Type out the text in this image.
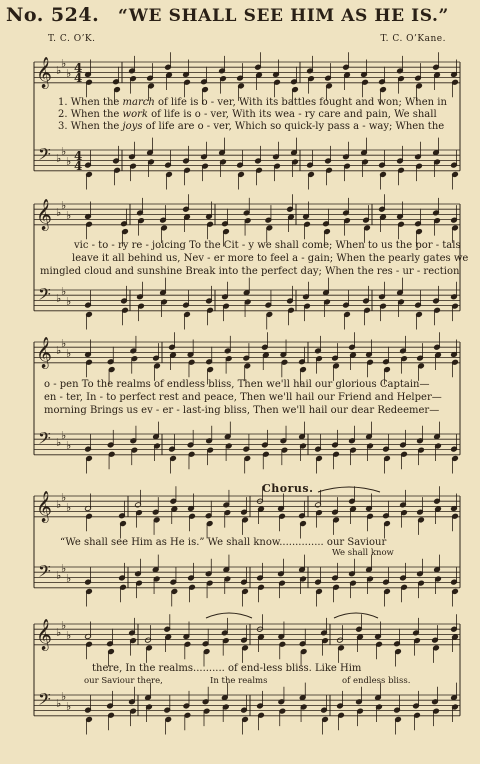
No. 524. “WE SHALL SEE HIM AS HE IS.”
T. C. O’K.	T. C. O’Kane.
𝄞
𝄢
♭
♭
♭
♭
♭
♭
4
4
4
4
𝄞
𝄢
♭
♭
♭
♭
♭
♭
𝄞
𝄢
♭
♭
♭
♭
♭
♭
𝄞
𝄢
♭
♭
♭
♭
♭
♭
𝄞
𝄢
♭
♭
♭
♭
♭
♭
1. When the march of life is o - ver, With its battles fought and won; When in
2. When the work of life is o - ver, With its wea - ry care and pain, We shall
3. When the joys of life are o - ver, Which so quick-ly pass a - way; When the
vic - to - ry re - joicing To the Cit - y we shall come; When to us the por - tals
leave it all behind us, Nev - er more to feel a - gain; When the pearly gates we
mingled cloud and sunshine Break into the perfect day; When the res - ur - rection
o - pen To the realms of endless bliss, Then we'll hail our glorious Captain—
en - ter, In - to perfect rest and peace, Then we'll hail our Friend and Helper—
morning Brings us ev - er - last-ing bliss, Then we'll hail our dear Redeemer—
Chorus.
“We shall see Him as He is.” We shall know.............. our Saviour
We shall know
there, In the realms.......... of end-less bliss. Like Him
our Saviour there,	In the realms	of endless bliss.
